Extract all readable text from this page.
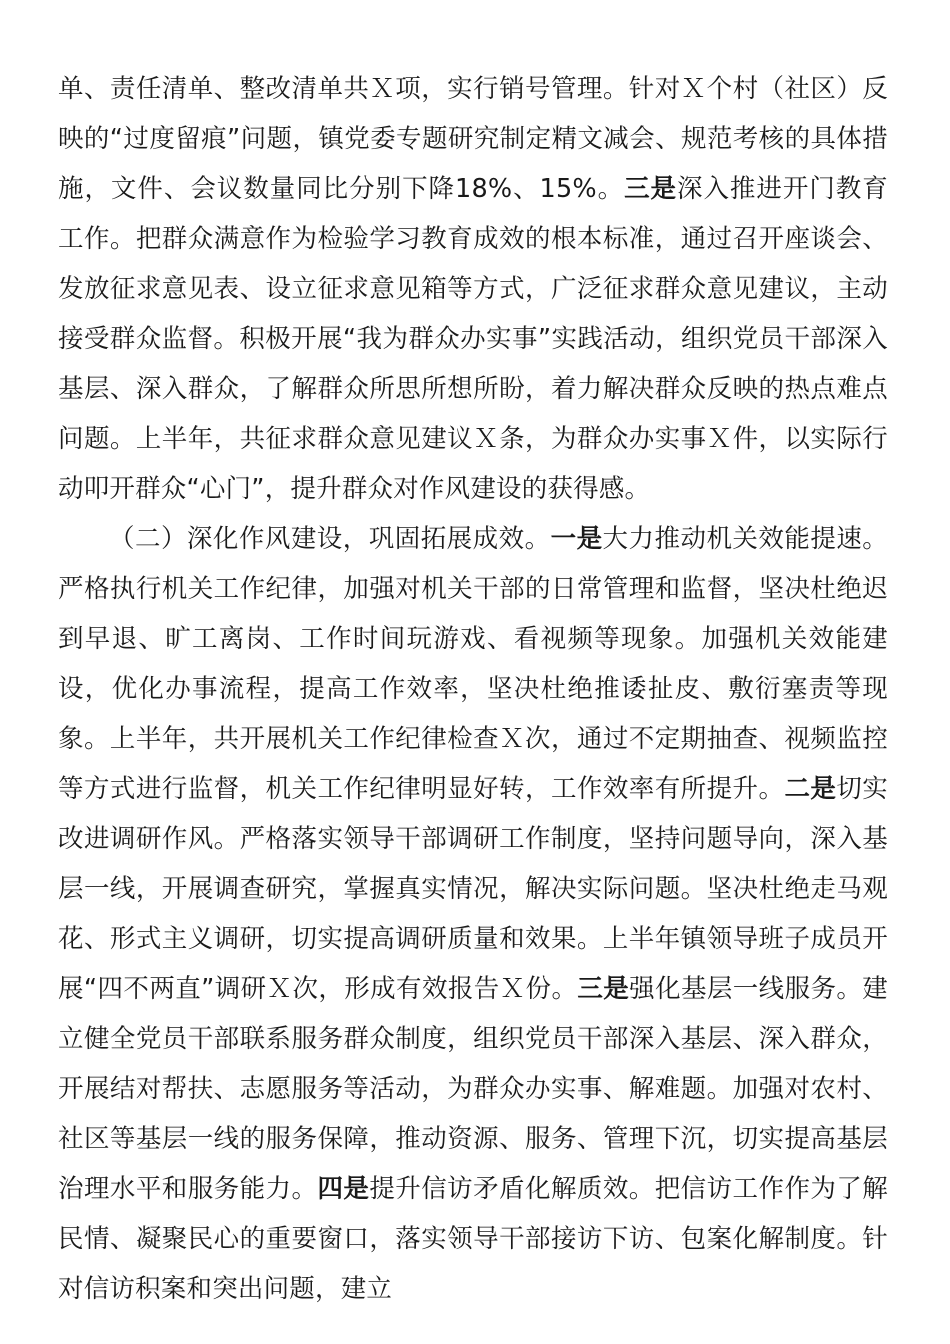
单、责任清单、整改清单共Ｘ项，实行销号管理。针对Ｘ个村（社区）反映的“过度留痕”问题，镇党委专题研究制定精文减会、规范考核的具体措施，文件、会议数量同比分别下降18%、15%。三是深入推进开门教育工作。把群众满意作为检验学习教育成效的根本标准，通过召开座谈会、发放征求意见表、设立征求意见箱等方式，广泛征求群众意见建议，主动接受群众监督。积极开展“我为群众办实事”实践活动，组织党员干部深入基层、深入群众，了解群众所思所想所盼，着力解决群众反映的热点难点问题。上半年，共征求群众意见建议Ｘ条，为群众办实事Ｘ件，以实际行动叩开群众“心门”，提升群众对作风建设的获得感。

（二）深化作风建设，巩固拓展成效。一是大力推动机关效能提速。严格执行机关工作纪律，加强对机关干部的日常管理和监督，坚决杜绝迟到早退、旷工离岗、工作时间玩游戏、看视频等现象。加强机关效能建设，优化办事流程，提高工作效率，坚决杜绝推诿扯皮、敷衍塞责等现象。上半年，共开展机关工作纪律检查Ｘ次，通过不定期抽查、视频监控等方式进行监督，机关工作纪律明显好转，工作效率有所提升。二是切实改进调研作风。严格落实领导干部调研工作制度，坚持问题导向，深入基层一线，开展调查研究，掌握真实情况，解决实际问题。坚决杜绝走马观花、形式主义调研，切实提高调研质量和效果。上半年镇领导班子成员开展“四不两直”调研Ｘ次，形成有效报告Ｘ份。三是强化基层一线服务。建立健全党员干部联系服务群众制度，组织党员干部深入基层、深入群众，开展结对帮扶、志愿服务等活动，为群众办实事、解难题。加强对农村、社区等基层一线的服务保障，推动资源、服务、管理下沉，切实提高基层治理水平和服务能力。四是提升信访矛盾化解质效。把信访工作作为了解民情、凝聚民心的重要窗口，落实领导干部接访下访、包案化解制度。针对信访积案和突出问题，建立
